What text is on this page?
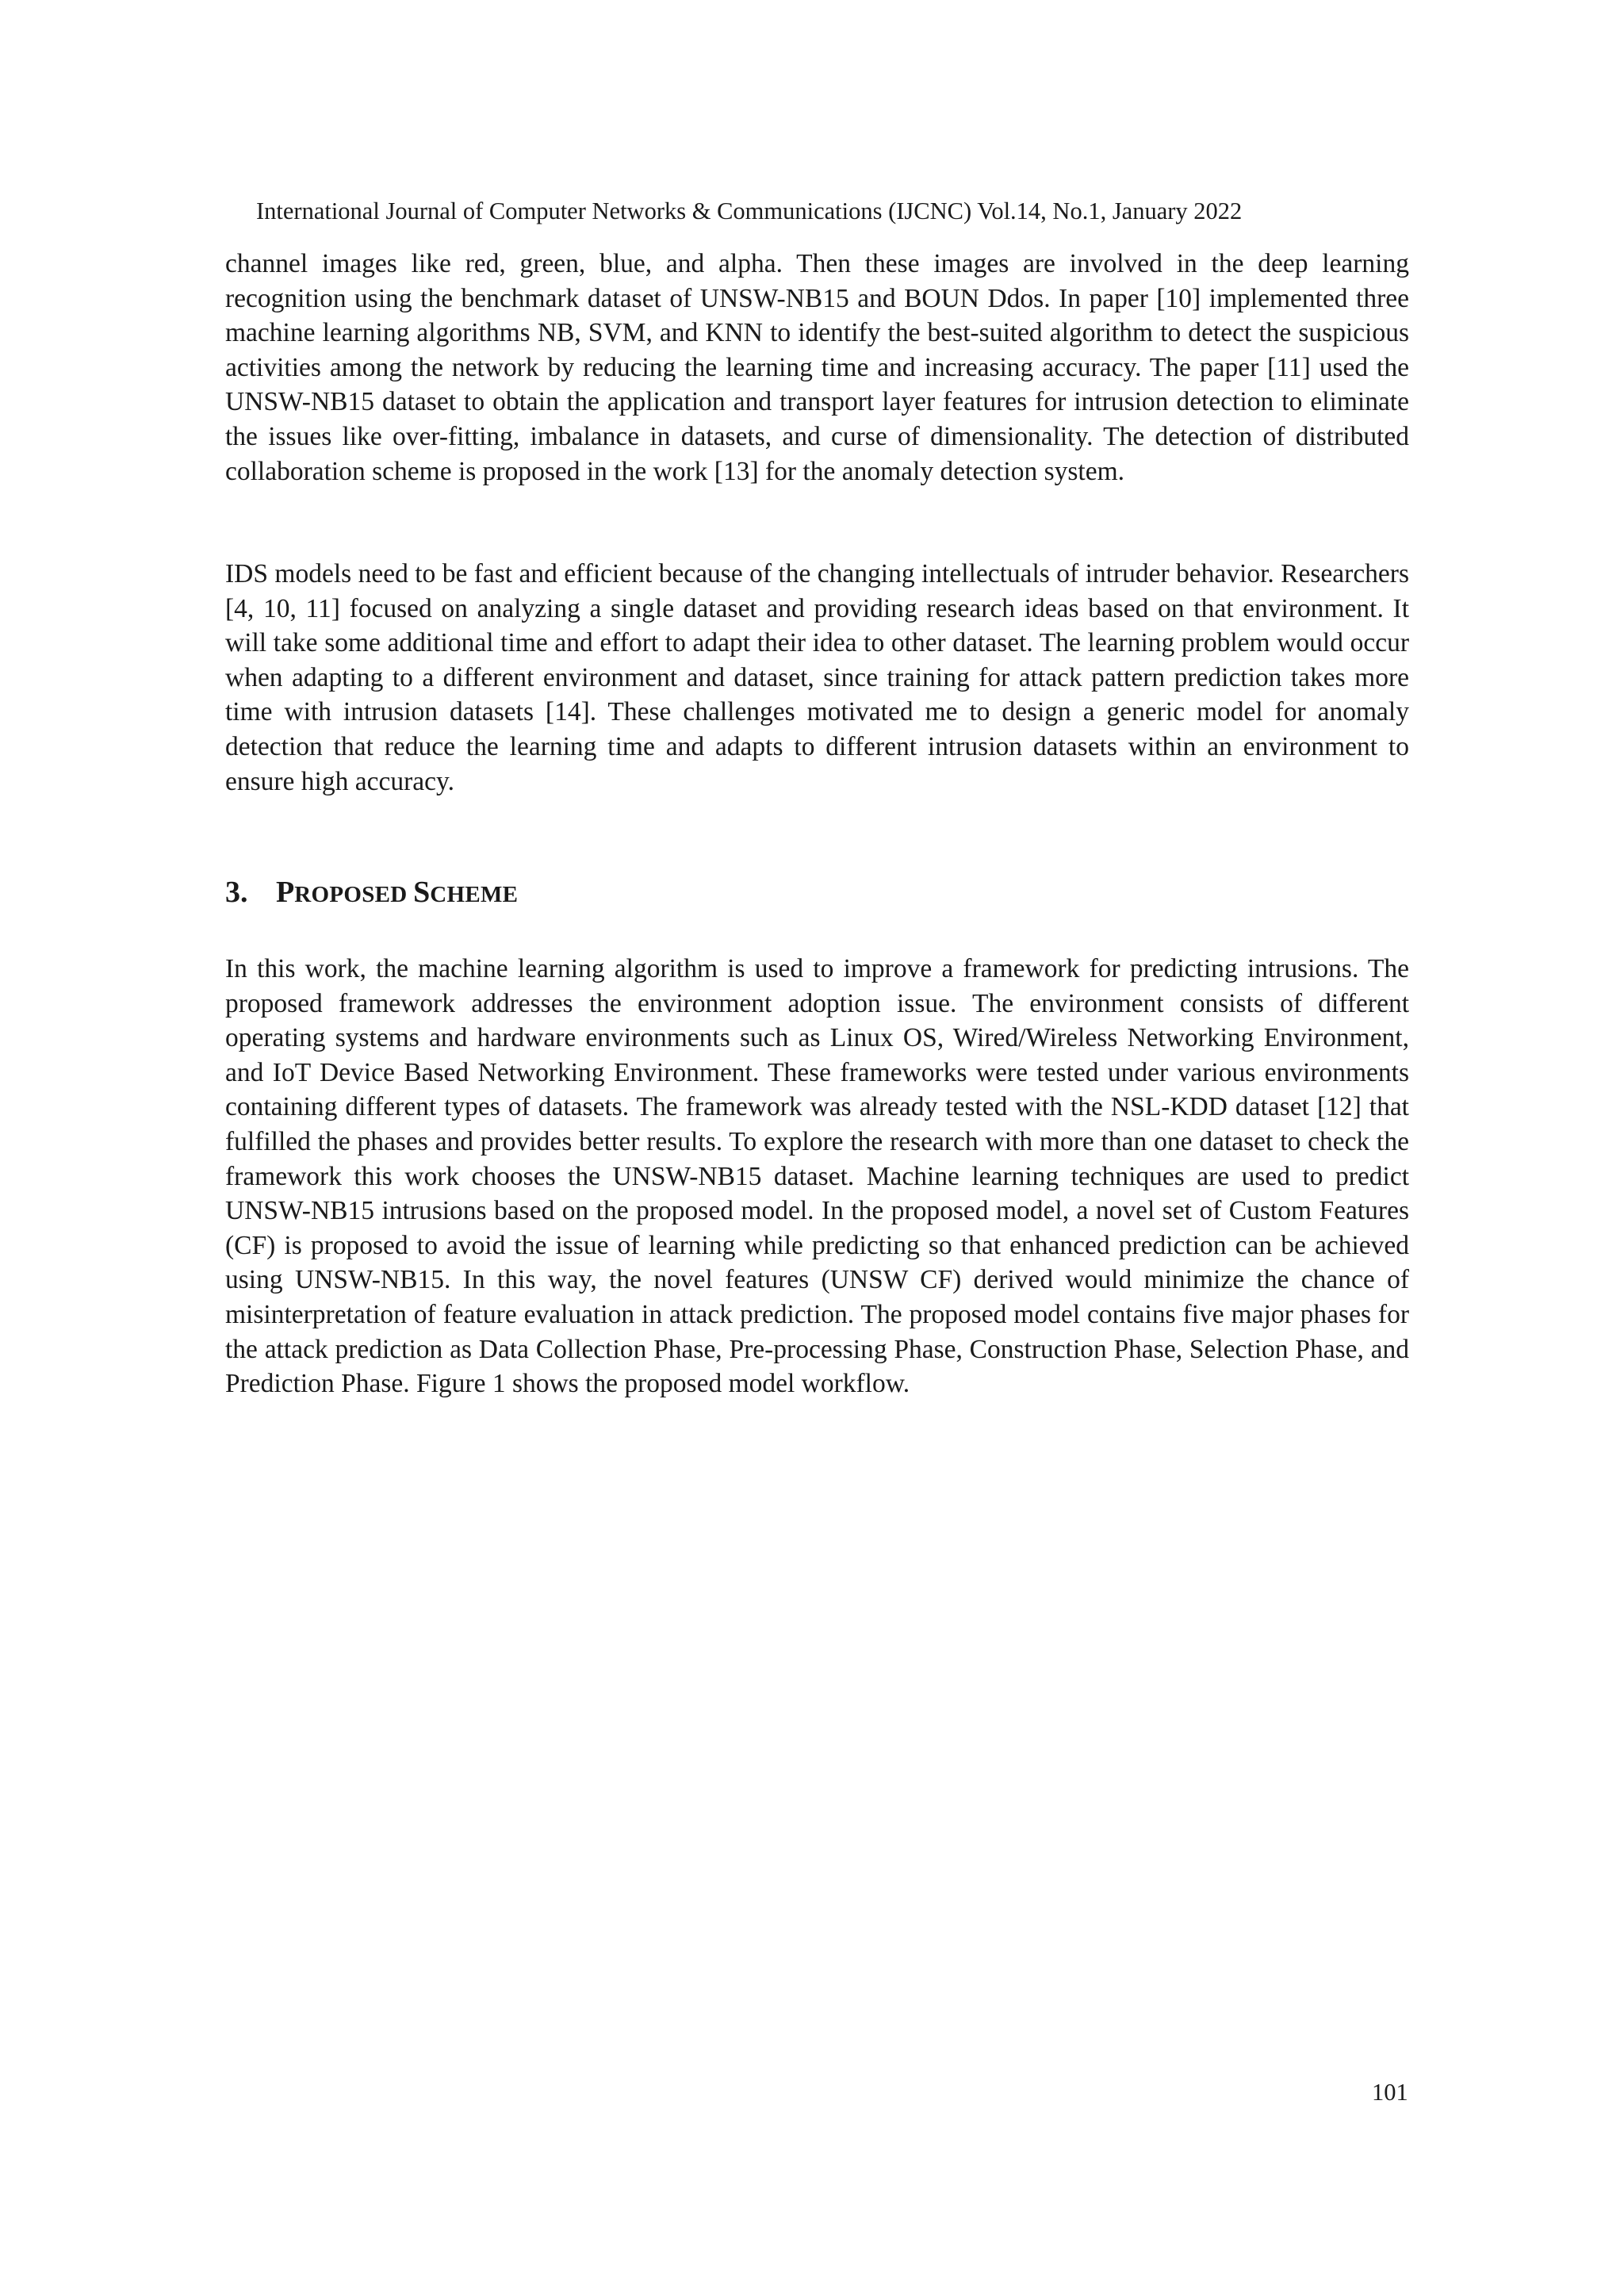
International Journal of Computer Networks & Communications (IJCNC) Vol.14, No.1, January 2022

channel images like red, green, blue, and alpha. Then these images are involved in the deep learning recognition using the benchmark dataset of UNSW-NB15 and BOUN Ddos. In paper [10] implemented three machine learning algorithms NB, SVM, and KNN to identify the best-suited algorithm to detect the suspicious activities among the network by reducing the learning time and increasing accuracy. The paper [11] used the UNSW-NB15 dataset to obtain the application and transport layer features for intrusion detection to eliminate the issues like over-fitting, imbalance in datasets, and curse of dimensionality. The detection of distributed collaboration scheme is proposed in the work [13] for the anomaly detection system.

IDS models need to be fast and efficient because of the changing intellectuals of intruder behavior. Researchers [4, 10, 11] focused on analyzing a single dataset and providing research ideas based on that environment. It will take some additional time and effort to adapt their idea to other dataset. The learning problem would occur when adapting to a different environment and dataset, since training for attack pattern prediction takes more time with intrusion datasets [14]. These challenges motivated me to design a generic model for anomaly detection that reduce the learning time and adapts to different intrusion datasets within an environment to ensure high accuracy.

3. PROPOSED SCHEME

In this work, the machine learning algorithm is used to improve a framework for predicting intrusions. The proposed framework addresses the environment adoption issue. The environment consists of different operating systems and hardware environments such as Linux OS, Wired/Wireless Networking Environment, and IoT Device Based Networking Environment. These frameworks were tested under various environments containing different types of datasets. The framework was already tested with the NSL-KDD dataset [12] that fulfilled the phases and provides better results. To explore the research with more than one dataset to check the framework this work chooses the UNSW-NB15 dataset. Machine learning techniques are used to predict UNSW-NB15 intrusions based on the proposed model. In the proposed model, a novel set of Custom Features (CF) is proposed to avoid the issue of learning while predicting so that enhanced prediction can be achieved using UNSW-NB15. In this way, the novel features (UNSW CF) derived would minimize the chance of misinterpretation of feature evaluation in attack prediction. The proposed model contains five major phases for the attack prediction as Data Collection Phase, Pre-processing Phase, Construction Phase, Selection Phase, and Prediction Phase. Figure 1 shows the proposed model workflow.

101
